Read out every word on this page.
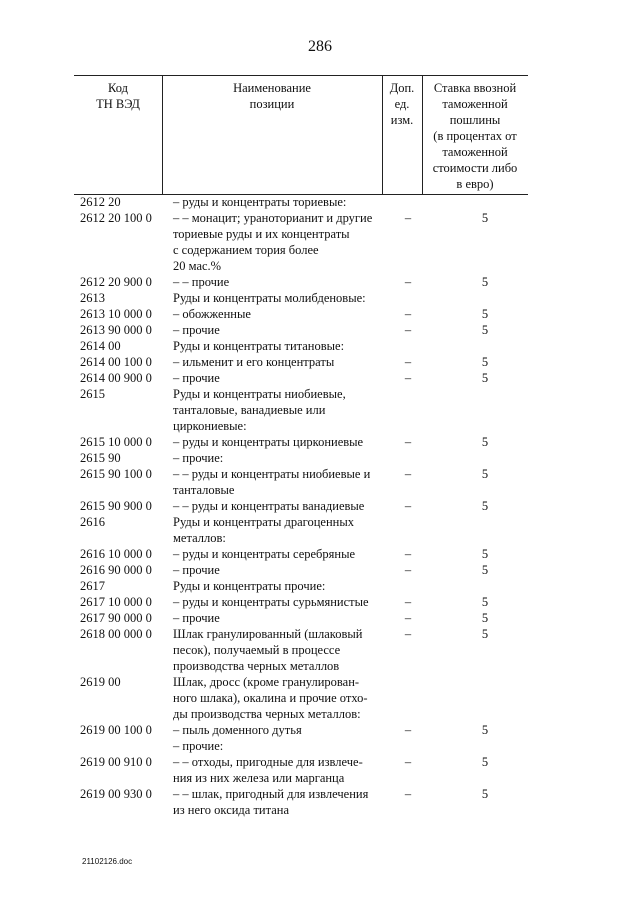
286
Код
ТН ВЭД
Наименование
позиции
Доп.
ед.
изм.
Ставка ввозной
таможенной
пошлины
(в процентах от
таможенной
стоимости либо
в евро)
2612 20	– руды и концентраты ториевые:
2612 20 100 0 – – монацит; ураноторианит и другие
ториевые руды и их концентраты
с содержанием тория более
20 мас.%
–	5
2612 20 900 0 – – прочие	–	5
2613	Руды и концентраты молибденовые:
2613 10 000 0 – обожженные	–	5
2613 90 000 0 – прочие	–	5
2614 00	Руды и концентраты титановые:
2614 00 100 0 – ильменит и его концентраты	–	5
2614 00 900 0 – прочие	–	5
2615	Руды и концентраты ниобиевые,
танталовые, ванадиевые или
циркониевые:
2615 10 000 0 – руды и концентраты циркониевые	–	5
2615 90	– прочие:
2615 90 100 0 – – руды и концентраты ниобиевые и
танталовые
–	5
2615 90 900 0 – – руды и концентраты ванадиевые	–	5
2616	Руды и концентраты драгоценных
металлов:
2616 10 000 0 – руды и концентраты серебряные	–	5
2616 90 000 0 – прочие	–	5
2617	Руды и концентраты прочие:
2617 10 000 0 – руды и концентраты сурьмянистые	–	5
2617 90 000 0 – прочие	–	5
2618 00 000 0 Шлак гранулированный (шлаковый
песок), получаемый в процессе
производства черных металлов
–	5
2619 00	Шлак, дросс (кроме гранулирован-
ного шлака), окалина и прочие отхо-
ды производства черных металлов:
2619 00 100 0 – пыль доменного дутья	–	5
– прочие:
2619 00 910 0 – – отходы, пригодные для извлече-
ния из них железа или марганца
–	5
2619 00 930 0 – – шлак, пригодный для извлечения
из него оксида титана
–	5
21102126.doc
